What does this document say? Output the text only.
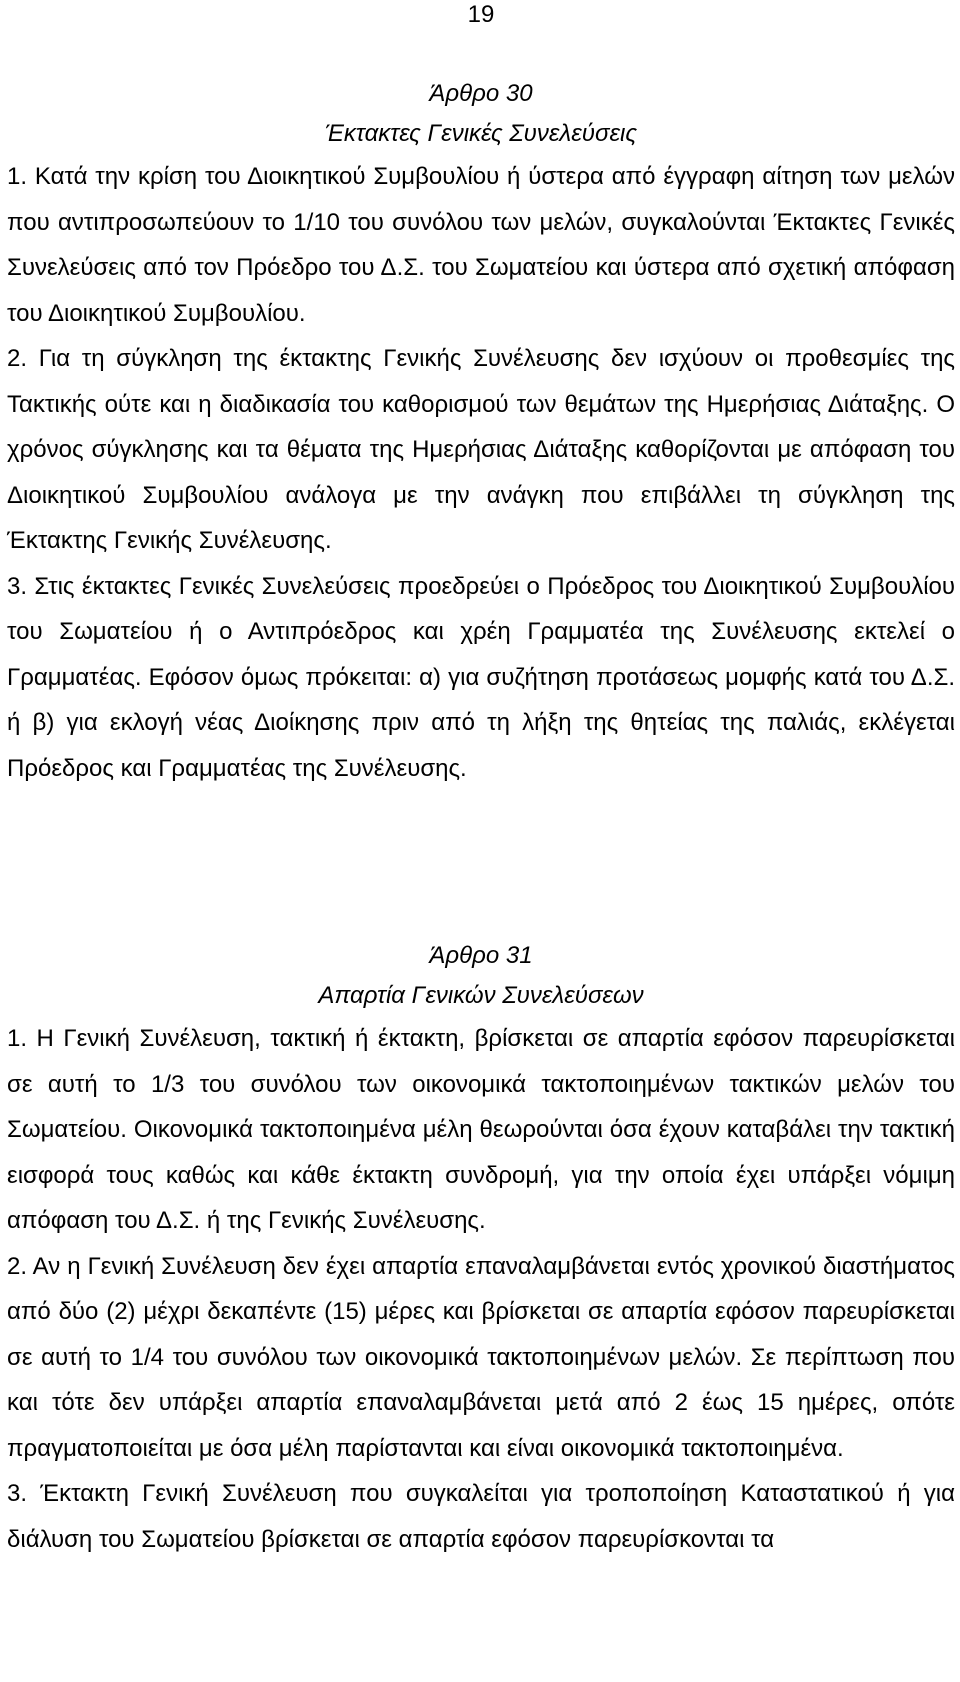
19
Άρθρο 30
Έκτακτες Γενικές Συνελεύσεις

1. Κατά την κρίση του Διοικητικού Συμβουλίου ή ύστερα από έγγραφη αίτηση των μελών που αντιπροσωπεύουν το 1/10 του συνόλου των μελών, συγκαλούνται Έκτακτες Γενικές Συνελεύσεις από τον Πρόεδρο του Δ.Σ. του Σωματείου και ύστερα από σχετική απόφαση του Διοικητικού Συμβουλίου.

2. Για τη σύγκληση της έκτακτης Γενικής Συνέλευσης δεν ισχύουν οι προθεσμίες της Τακτικής ούτε και η διαδικασία του καθορισμού των θεμάτων της Ημερήσιας Διάταξης. Ο χρόνος σύγκλησης και τα θέματα της Ημερήσιας Διάταξης καθορίζονται με απόφαση του Διοικητικού Συμβουλίου ανάλογα με την ανάγκη που επιβάλλει τη σύγκληση της Έκτακτης Γενικής Συνέλευσης.

3. Στις έκτακτες Γενικές Συνελεύσεις προεδρεύει ο Πρόεδρος του Διοικητικού Συμβουλίου του Σωματείου ή ο Αντιπρόεδρος και χρέη Γραμματέα της Συνέλευσης εκτελεί ο Γραμματέας. Εφόσον όμως πρόκειται: α) για συζήτηση προτάσεως μομφής κατά του Δ.Σ. ή β) για εκλογή νέας Διοίκησης πριν από τη λήξη της θητείας της παλιάς, εκλέγεται Πρόεδρος και Γραμματέας της Συνέλευσης.

Άρθρο 31
Απαρτία Γενικών Συνελεύσεων

1. Η Γενική Συνέλευση, τακτική ή έκτακτη, βρίσκεται σε απαρτία εφόσον παρευρίσκεται σε αυτή το 1/3 του συνόλου των οικονομικά τακτοποιημένων τακτικών μελών του Σωματείου. Οικονομικά τακτοποιημένα μέλη θεωρούνται όσα έχουν καταβάλει την τακτική εισφορά τους καθώς και κάθε έκτακτη συνδρομή, για την οποία έχει υπάρξει νόμιμη απόφαση του Δ.Σ. ή της Γενικής Συνέλευσης.

2. Αν η Γενική Συνέλευση δεν έχει απαρτία επαναλαμβάνεται εντός χρονικού διαστήματος από δύο (2) μέχρι δεκαπέντε (15) μέρες και βρίσκεται σε απαρτία εφόσον παρευρίσκεται σε αυτή το 1/4 του συνόλου των οικονομικά τακτοποιημένων μελών. Σε περίπτωση που και τότε δεν υπάρξει απαρτία επαναλαμβάνεται μετά από 2 έως 15 ημέρες, οπότε πραγματοποιείται με όσα μέλη παρίστανται και είναι οικονομικά τακτοποιημένα.

3. Έκτακτη Γενική Συνέλευση που συγκαλείται για τροποποίηση Καταστατικού ή για διάλυση του Σωματείου βρίσκεται σε απαρτία εφόσον παρευρίσκονται τα
